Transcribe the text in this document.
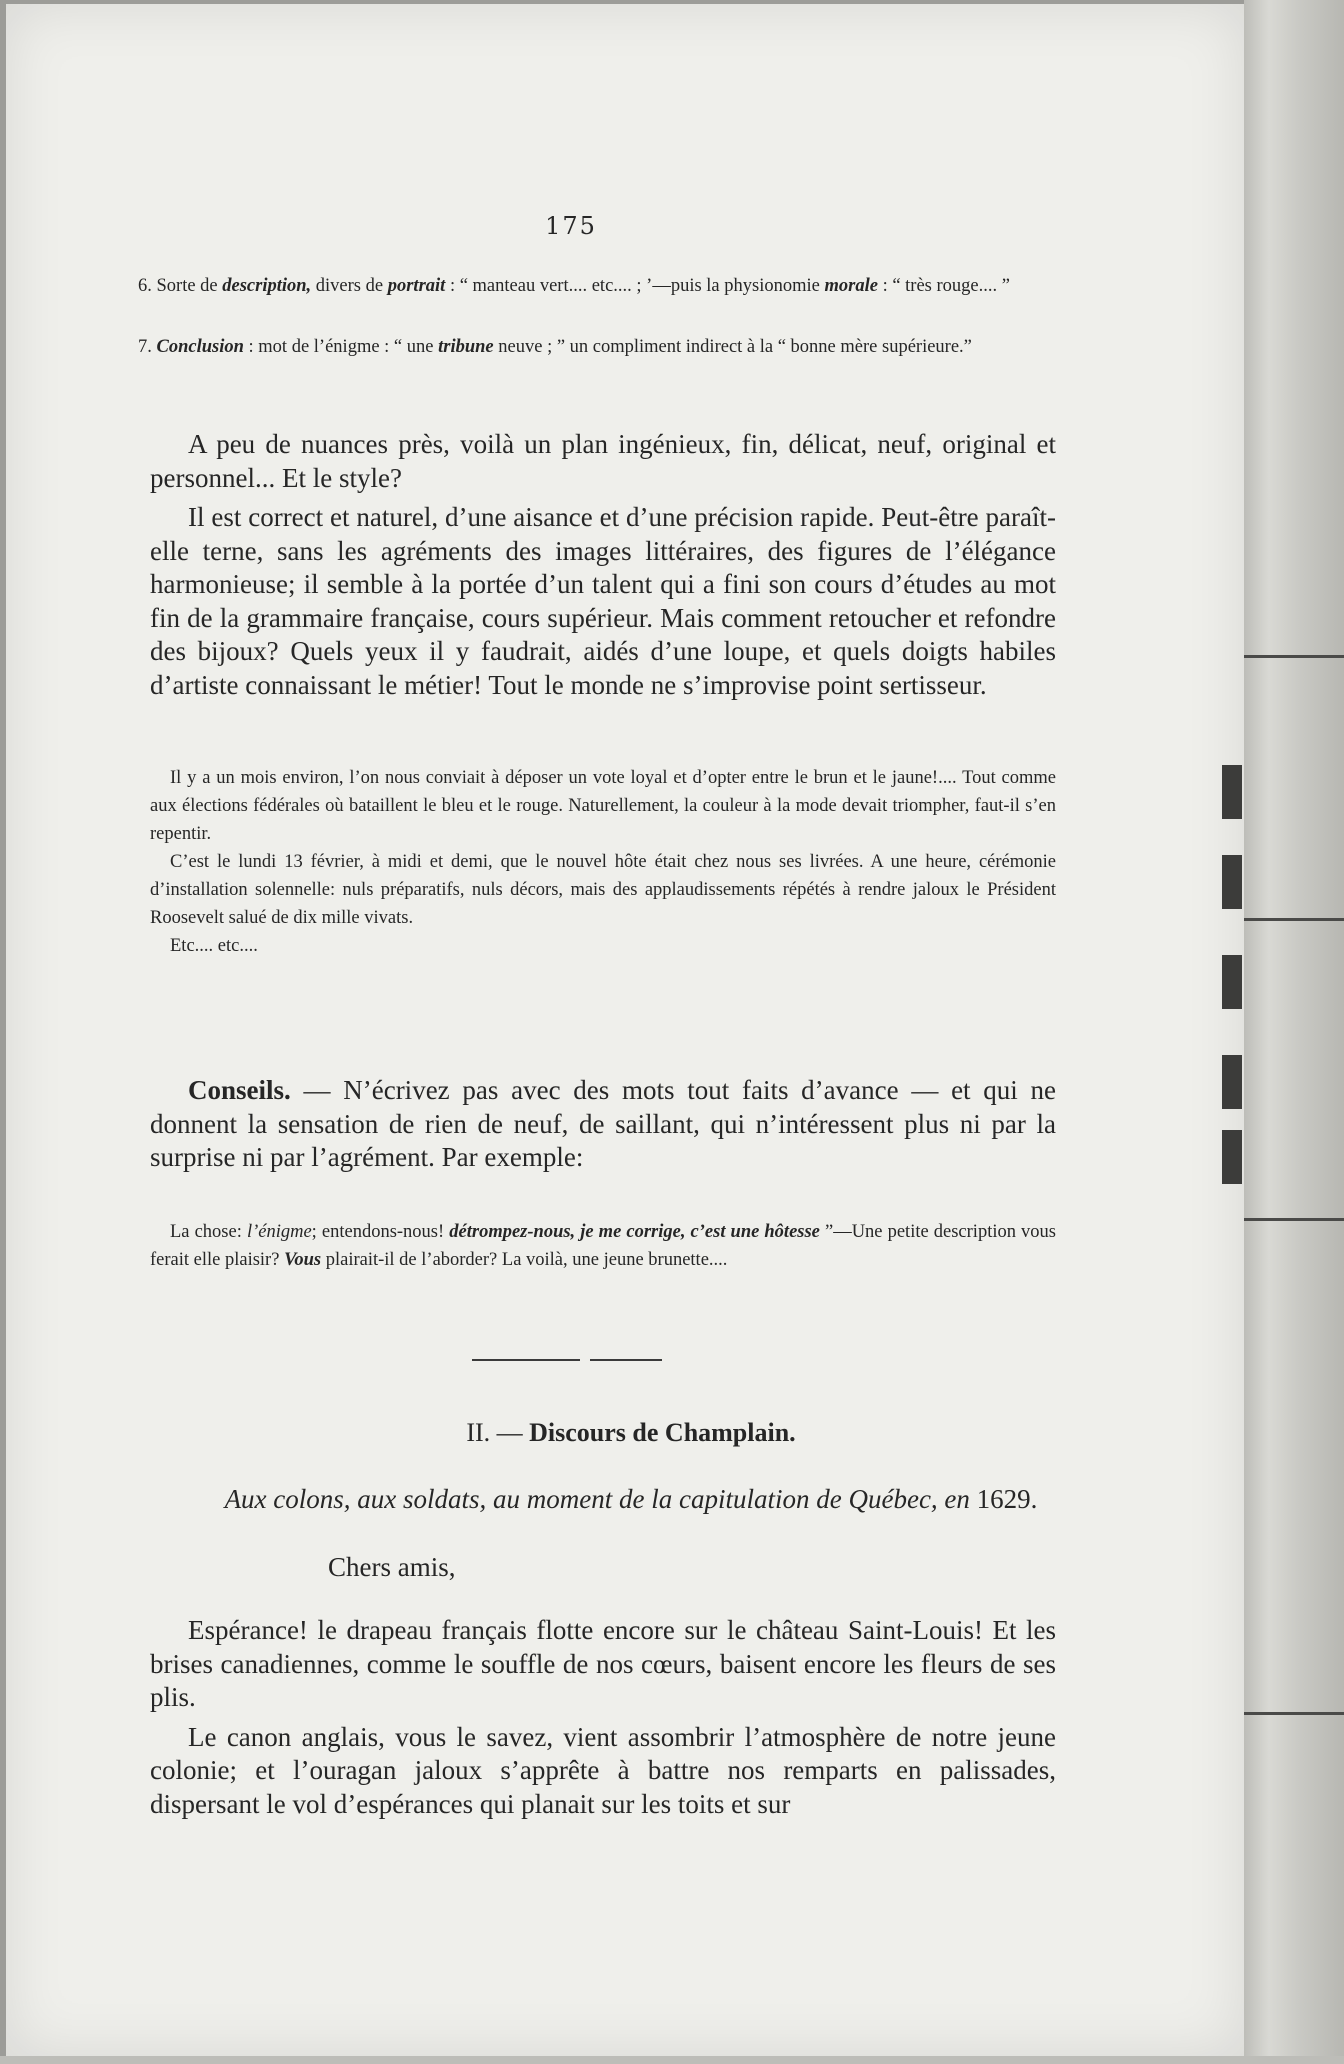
175

6. Sorte de description, divers de portrait : “ manteau vert.... etc.... ; ’—puis la physionomie morale : “ très rouge.... ”

7. Conclusion : mot de l’énigme : “ une tribune neuve ; ” un compliment indirect à la “ bonne mère supérieure.”

A peu de nuances près, voilà un plan ingénieux, fin, délicat, neuf, original et personnel... Et le style?

Il est correct et naturel, d’une aisance et d’une précision rapide. Peut-être paraît-elle terne, sans les agréments des images littéraires, des figures de l’élégance harmonieuse; il semble à la portée d’un talent qui a fini son cours d’études au mot fin de la grammaire française, cours supérieur. Mais comment retoucher et refondre des bijoux? Quels yeux il y faudrait, aidés d’une loupe, et quels doigts habiles d’artiste connaissant le métier! Tout le monde ne s’improvise point sertisseur.

Il y a un mois environ, l’on nous conviait à déposer un vote loyal et d’opter entre le brun et le jaune!.... Tout comme aux élections fédérales où bataillent le bleu et le rouge. Naturellement, la couleur à la mode devait triompher, faut-il s’en repentir.

C’est le lundi 13 février, à midi et demi, que le nouvel hôte était chez nous ses livrées. A une heure, cérémonie d’installation solennelle: nuls préparatifs, nuls décors, mais des applaudissements répétés à rendre jaloux le Président Roosevelt salué de dix mille vivats.

Etc.... etc....

Conseils. — N’écrivez pas avec des mots tout faits d’avance — et qui ne donnent la sensation de rien de neuf, de saillant, qui n’intéressent plus ni par la surprise ni par l’agrément. Par exemple:

La chose: l’énigme; entendons-nous! détrompez-nous, je me corrige, c’est une hôtesse ”—Une petite description vous ferait elle plaisir? Vous plairait-il de l’aborder? La voilà, une jeune brunette....

II. — Discours de Champlain.
Aux colons, aux soldats, au moment de la capitulation de Québec, en 1629.
Chers amis,

Espérance! le drapeau français flotte encore sur le château Saint-Louis! Et les brises canadiennes, comme le souffle de nos cœurs, baisent encore les fleurs de ses plis.

Le canon anglais, vous le savez, vient assombrir l’atmosphère de notre jeune colonie; et l’ouragan jaloux s’apprête à battre nos remparts en palissades, dispersant le vol d’espérances qui planait sur les toits et sur
